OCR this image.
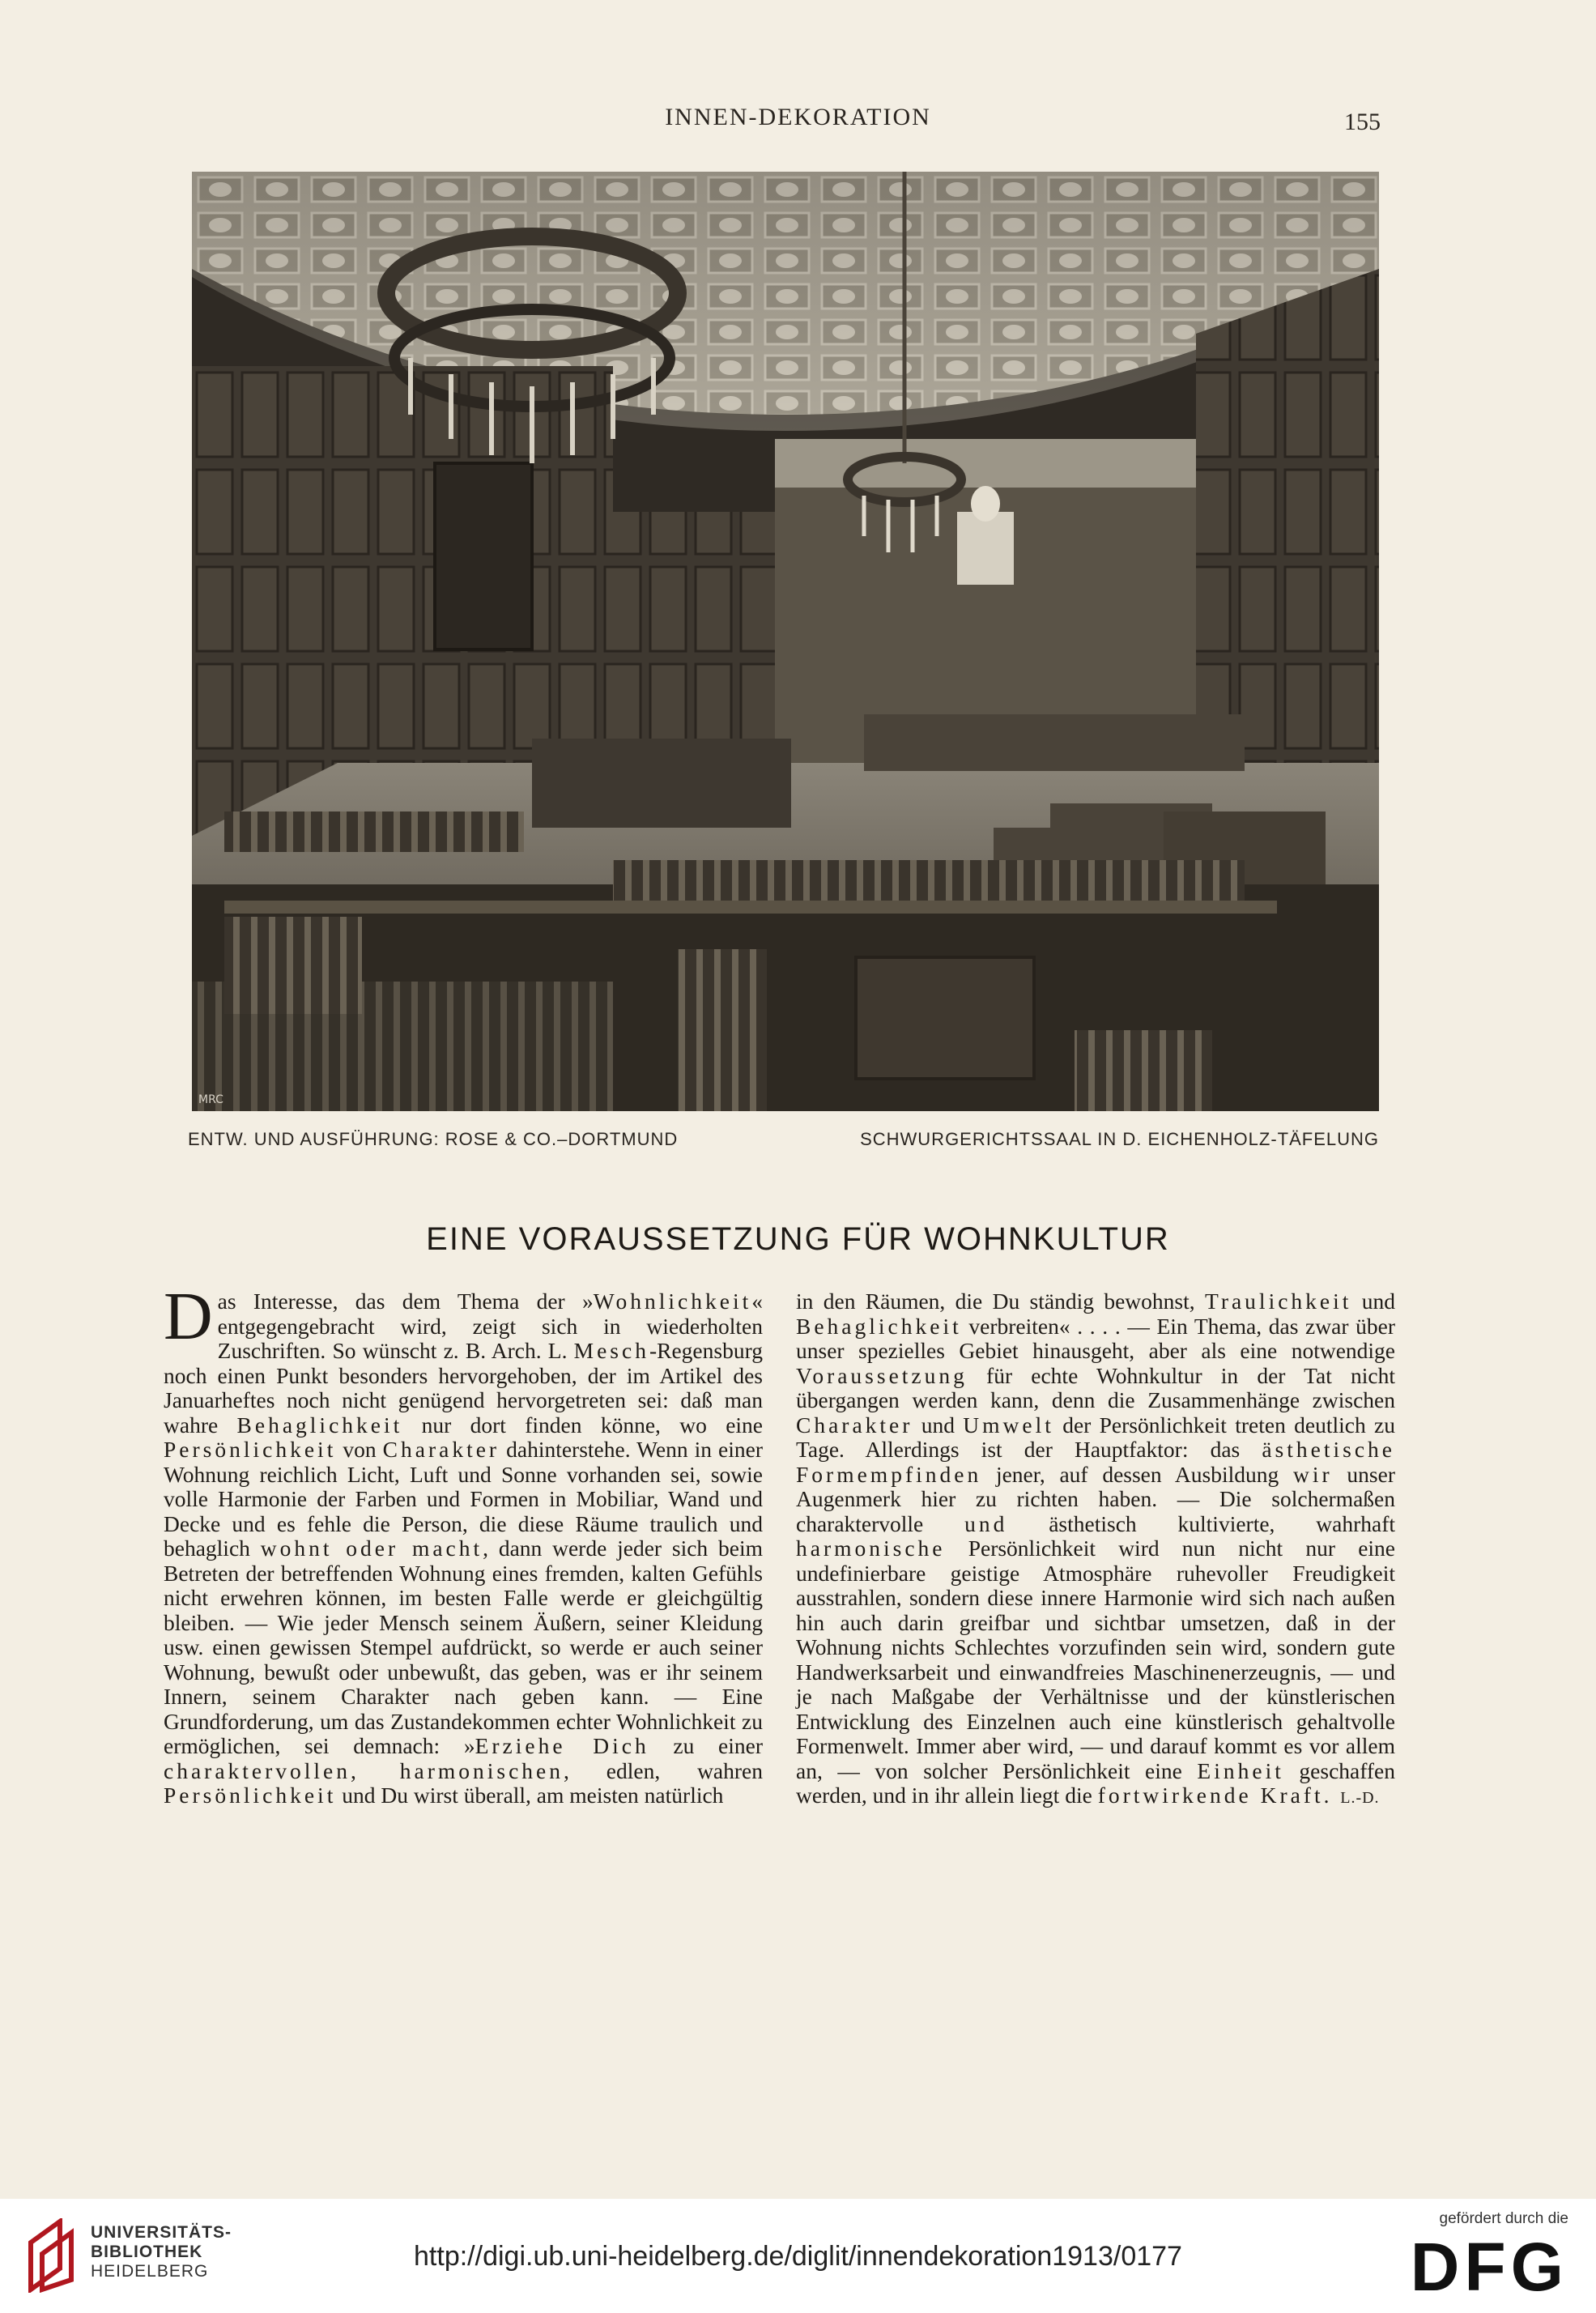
INNEN-DEKORATION	155
MRC
ENTW. UND AUSFÜHRUNG: ROSE & CO.–DORTMUND	SCHWURGERICHTSSAAL IN D. EICHENHOLZ-TÄFELUNG
EINE VORAUSSETZUNG FÜR WOHNKULTUR

Das Interesse, das dem Thema der »Wohnlichkeit« entgegengebracht wird, zeigt sich in wiederholten Zuschriften. So wünscht z. B. Arch. L. Mesch-Regensburg noch einen Punkt besonders hervorgehoben, der im Artikel des Januarheftes noch nicht genügend hervorgetreten sei: daß man wahre Behaglichkeit nur dort finden könne, wo eine Persönlichkeit von Charakter dahinterstehe. Wenn in einer Wohnung reichlich Licht, Luft und Sonne vorhanden sei, sowie volle Harmonie der Farben und Formen in Mobiliar, Wand und Decke und es fehle die Person, die diese Räume traulich und behaglich wohnt oder macht, dann werde jeder sich beim Betreten der betreffenden Wohnung eines fremden, kalten Gefühls nicht erwehren können, im besten Falle werde er gleichgültig bleiben. — Wie jeder Mensch seinem Äußern, seiner Kleidung usw. einen gewissen Stempel aufdrückt, so werde er auch seiner Wohnung, bewußt oder unbewußt, das geben, was er ihr seinem Innern, seinem Charakter nach geben kann. — Eine Grundforderung, um das Zustandekommen echter Wohnlichkeit zu ermöglichen, sei demnach: »Erziehe Dich zu einer charaktervollen, harmonischen, edlen, wahren Persönlichkeit und Du wirst überall, am meisten natürlich

in den Räumen, die Du ständig bewohnst, Traulichkeit und Behaglichkeit verbreiten« . . . . — Ein Thema, das zwar über unser spezielles Gebiet hinausgeht, aber als eine notwendige Voraussetzung für echte Wohnkultur in der Tat nicht übergangen werden kann, denn die Zusammenhänge zwischen Charakter und Umwelt der Persönlichkeit treten deutlich zu Tage. Allerdings ist der Hauptfaktor: das ästhetische Formempfinden jener, auf dessen Ausbildung wir unser Augenmerk hier zu richten haben. — Die solchermaßen charaktervolle und ästhetisch kultivierte, wahrhaft harmonische Persönlichkeit wird nun nicht nur eine undefinierbare geistige Atmosphäre ruhevoller Freudigkeit ausstrahlen, sondern diese innere Harmonie wird sich nach außen hin auch darin greifbar und sichtbar umsetzen, daß in der Wohnung nichts Schlechtes vorzufinden sein wird, sondern gute Handwerksarbeit und einwandfreies Maschinenerzeugnis, — und je nach Maßgabe der Verhältnisse und der künstlerischen Entwicklung des Einzelnen auch eine künstlerisch gehaltvolle Formenwelt. Immer aber wird, — und darauf kommt es vor allem an, — von solcher Persönlichkeit eine Einheit geschaffen werden, und in ihr allein liegt die fortwirkende Kraft. L.-D.

UNIVERSITÄTS-
BIBLIOTHEK
HEIDELBERG	http://digi.ub.uni-heidelberg.de/diglit/innendekoration1913/0177
gefördert durch die
DFG
